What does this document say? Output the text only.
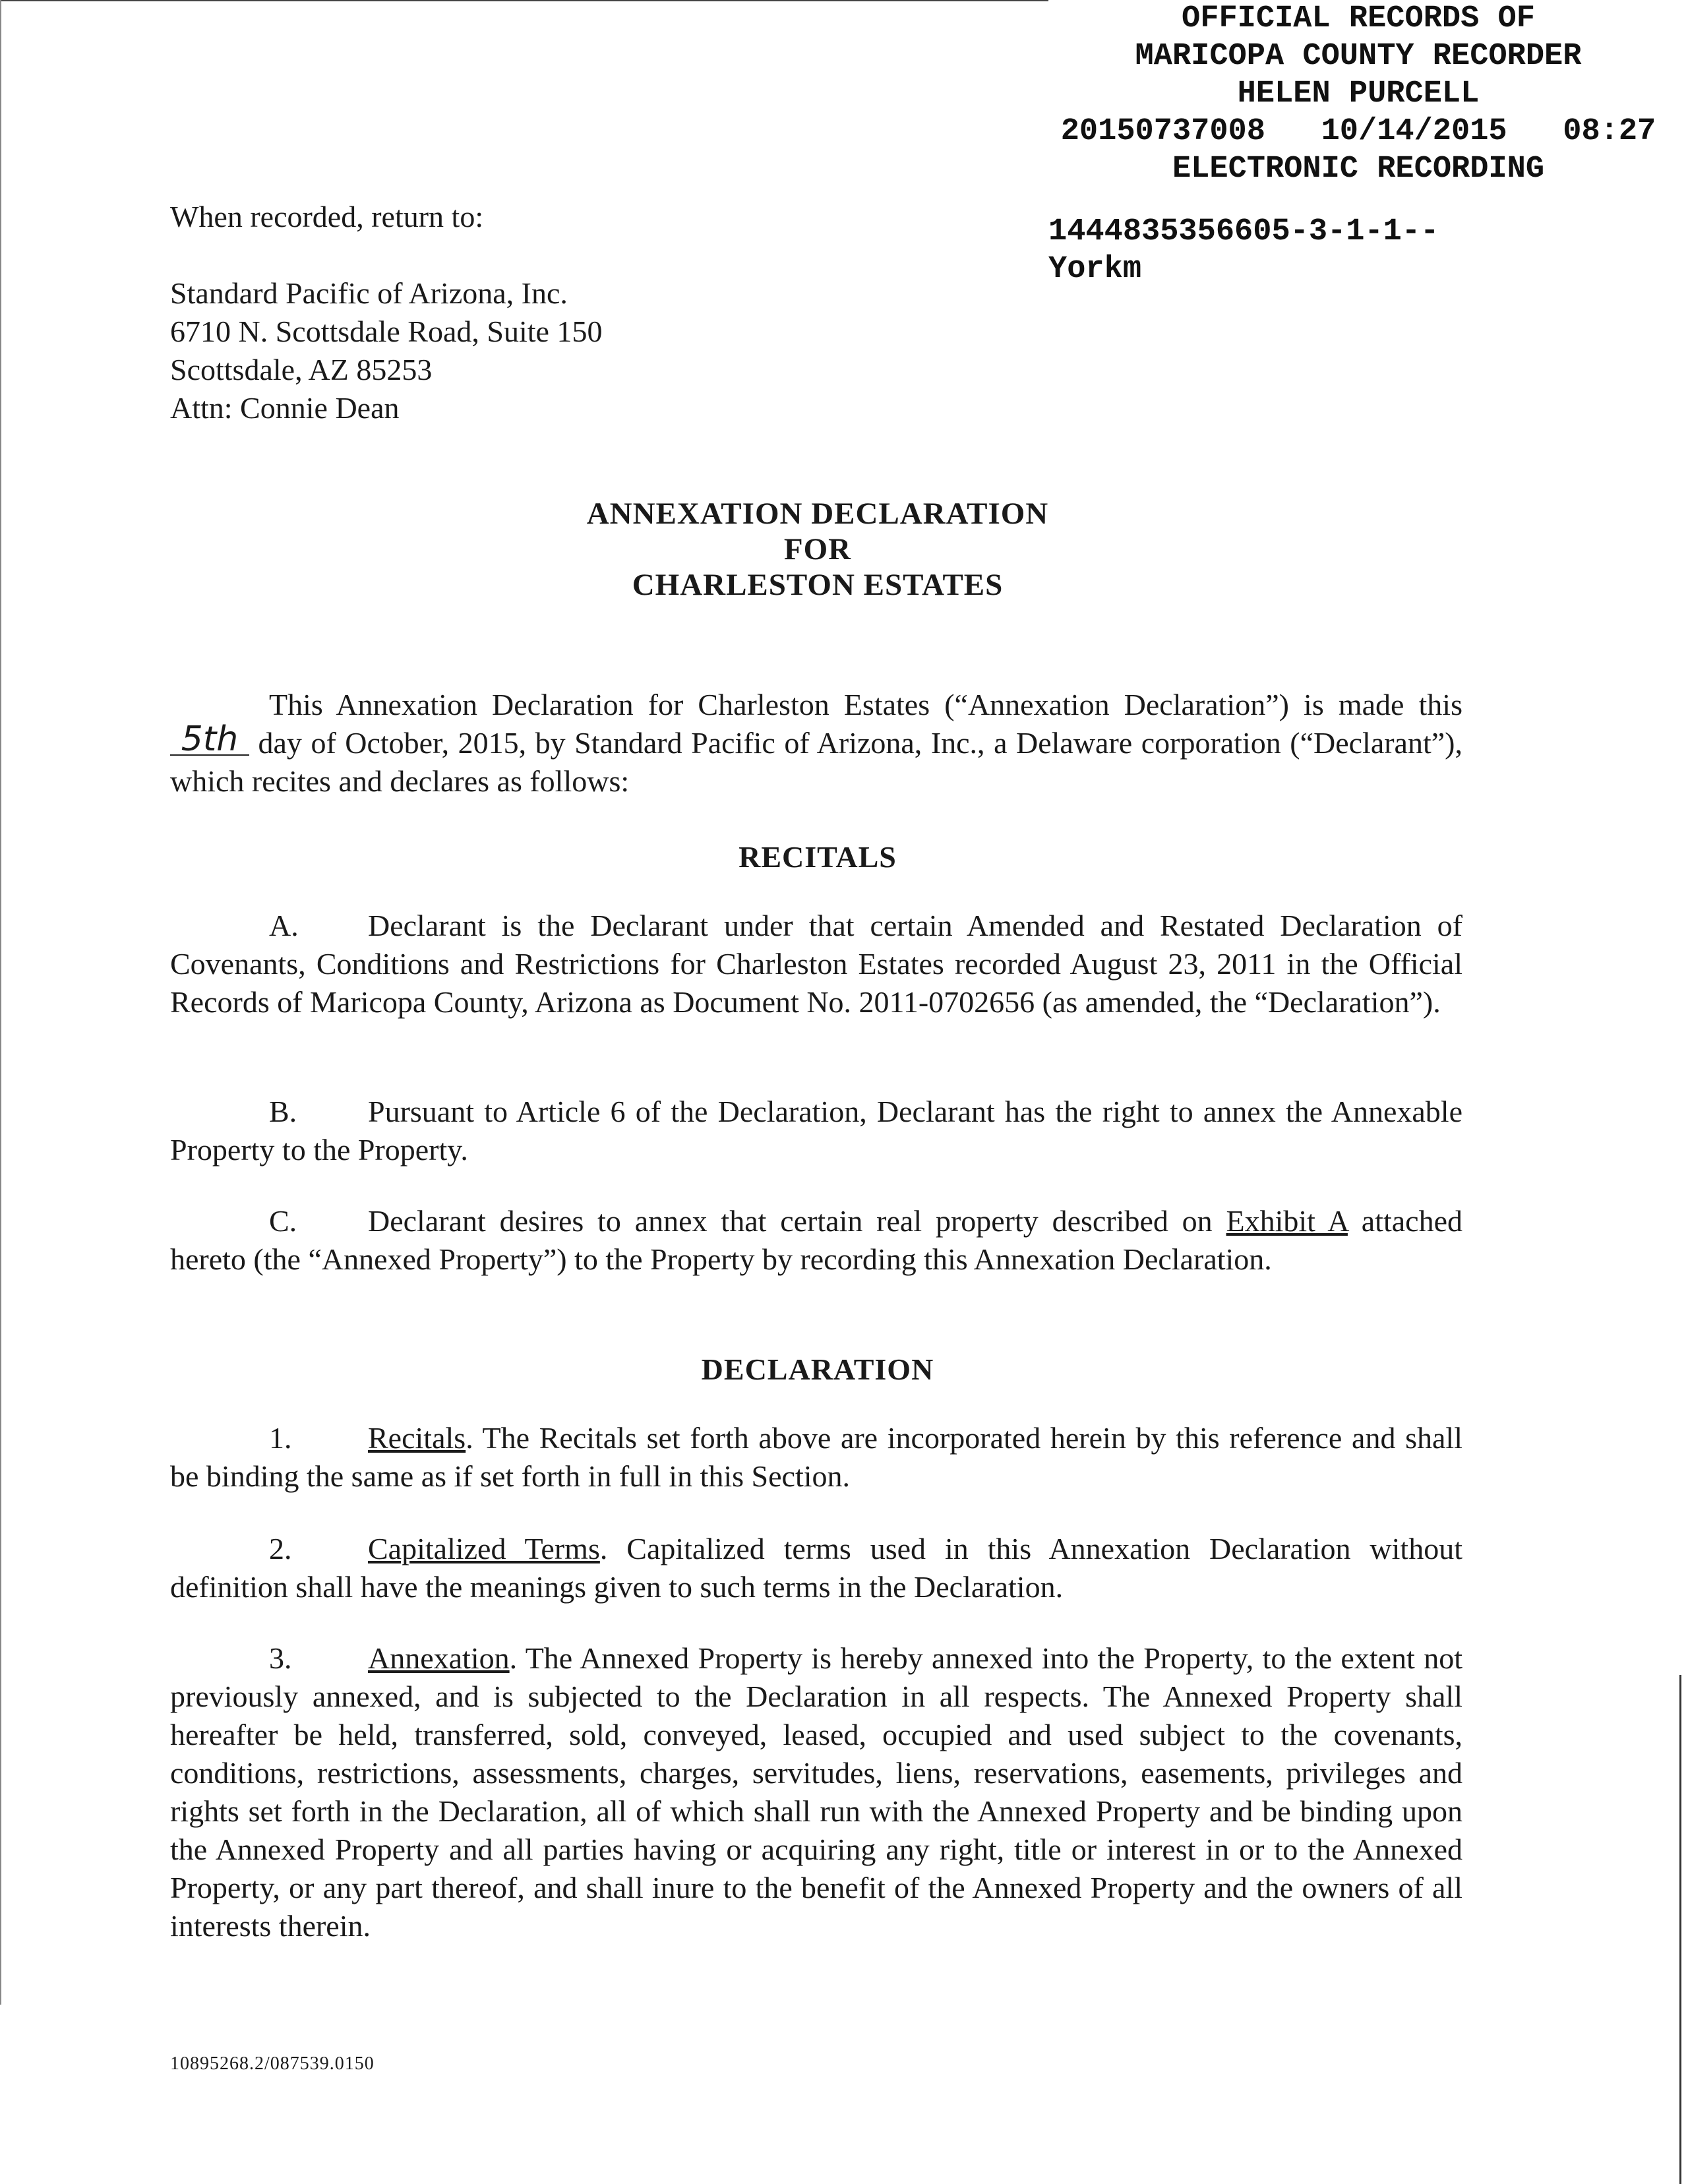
OFFICIAL RECORDS OF
MARICOPA COUNTY RECORDER
HELEN PURCELL
20150737008   10/14/2015   08:27
ELECTRONIC RECORDING
1444835356605-3-1-1--
Yorkm
When recorded, return to:
Standard Pacific of Arizona, Inc.
6710 N. Scottsdale Road, Suite 150
Scottsdale, AZ 85253
Attn: Connie Dean
ANNEXATION DECLARATION
FOR
CHARLESTON ESTATES
This Annexation Declaration for Charleston Estates (“Annexation Declaration”) is made this 5th day of October, 2015, by Standard Pacific of Arizona, Inc., a Delaware corporation (“Declarant”), which recites and declares as follows:
RECITALS
A. Declarant is the Declarant under that certain Amended and Restated Declaration of Covenants, Conditions and Restrictions for Charleston Estates recorded August 23, 2011 in the Official Records of Maricopa County, Arizona as Document No. 2011-0702656 (as amended, the “Declaration”).
B. Pursuant to Article 6 of the Declaration, Declarant has the right to annex the Annexable Property to the Property.
C. Declarant desires to annex that certain real property described on Exhibit A attached hereto (the “Annexed Property”) to the Property by recording this Annexation Declaration.
DECLARATION
1.	Recitals. The Recitals set forth above are incorporated herein by this reference and shall be binding the same as if set forth in full in this Section.
2.	Capitalized Terms. Capitalized terms used in this Annexation Declaration without definition shall have the meanings given to such terms in the Declaration.
3.	Annexation. The Annexed Property is hereby annexed into the Property, to the extent not previously annexed, and is subjected to the Declaration in all respects. The Annexed Property shall hereafter be held, transferred, sold, conveyed, leased, occupied and used subject to the covenants, conditions, restrictions, assessments, charges, servitudes, liens, reservations, easements, privileges and rights set forth in the Declaration, all of which shall run with the Annexed Property and be binding upon the Annexed Property and all parties having or acquiring any right, title or interest in or to the Annexed Property, or any part thereof, and shall inure to the benefit of the Annexed Property and the owners of all interests therein.
10895268.2/087539.0150
